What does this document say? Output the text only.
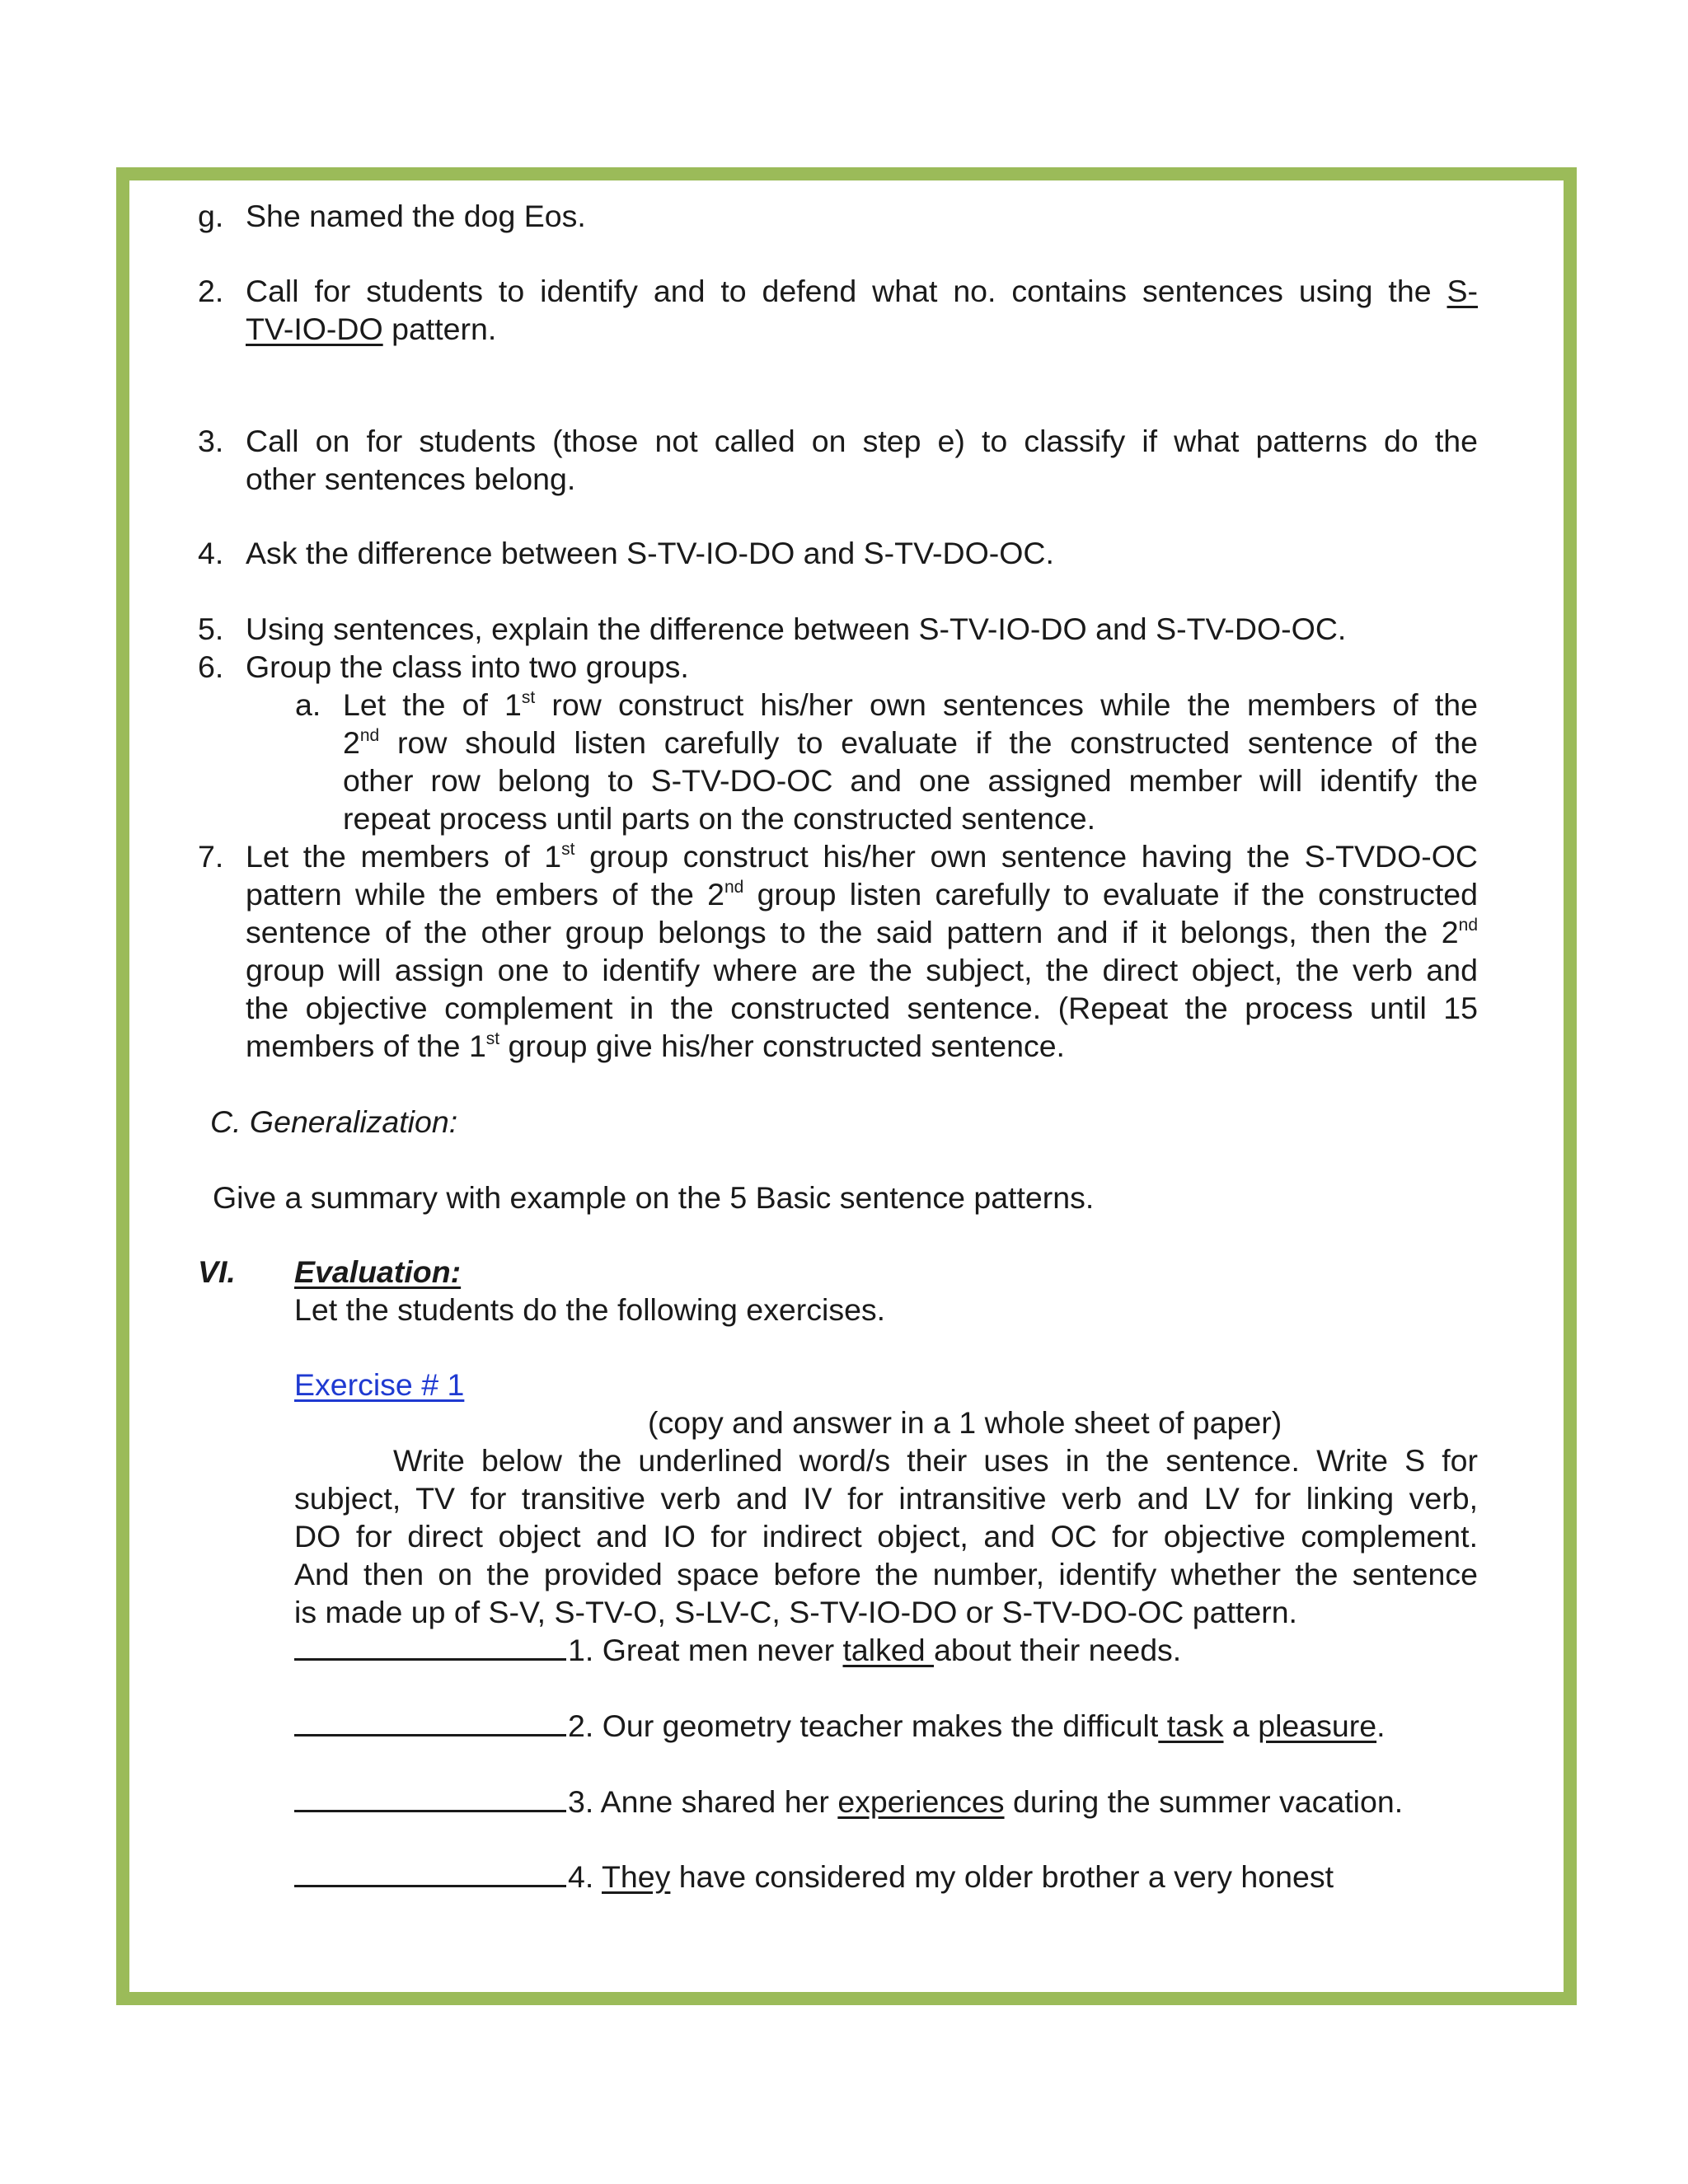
g. She named the dog Eos.
2. Call for students to identify and to defend what no. contains sentences using the S-
TV-IO-DO pattern.
3. Call on for students (those not called on step e) to classify if what patterns do the
other sentences belong.
4. Ask the difference between S-TV-IO-DO and S-TV-DO-OC.
5. Using sentences, explain the difference between S-TV-IO-DO and S-TV-DO-OC.
6. Group the class into two groups.
a. Let the of 1st row construct his/her own sentences while the members of the
2nd row should listen carefully to evaluate if the constructed sentence of the
other row belong to S-TV-DO-OC and one assigned member will identify the
repeat process until parts on the constructed sentence.
7. Let the members of 1st group construct his/her own sentence having the S-TVDO-OC
pattern while the embers of the 2nd group listen carefully to evaluate if the constructed
sentence of the other group belongs to the said pattern and if it belongs, then the 2nd
group will assign one to identify where are the subject, the direct object, the verb and
the objective complement in the constructed sentence. (Repeat the process until 15
members of the 1st group give his/her constructed sentence.
C. Generalization:
Give a summary with example on the 5 Basic sentence patterns.
VI. Evaluation:
Let the students do the following exercises.
Exercise # 1
(copy and answer in a 1 whole sheet of paper)
Write below the underlined word/s their uses in the sentence. Write S for
subject, TV for transitive verb and IV for intransitive verb and LV for linking verb,
DO for direct object and IO for indirect object, and OC for objective complement.
And then on the provided space before the number, identify whether the sentence
is made up of S-V, S-TV-O, S-LV-C, S-TV-IO-DO or S-TV-DO-OC pattern.
1. Great men never talked about their needs.
2. Our geometry teacher makes the difficult task a pleasure.
3. Anne shared her experiences during the summer vacation.
4. They have considered my older brother a very honest
